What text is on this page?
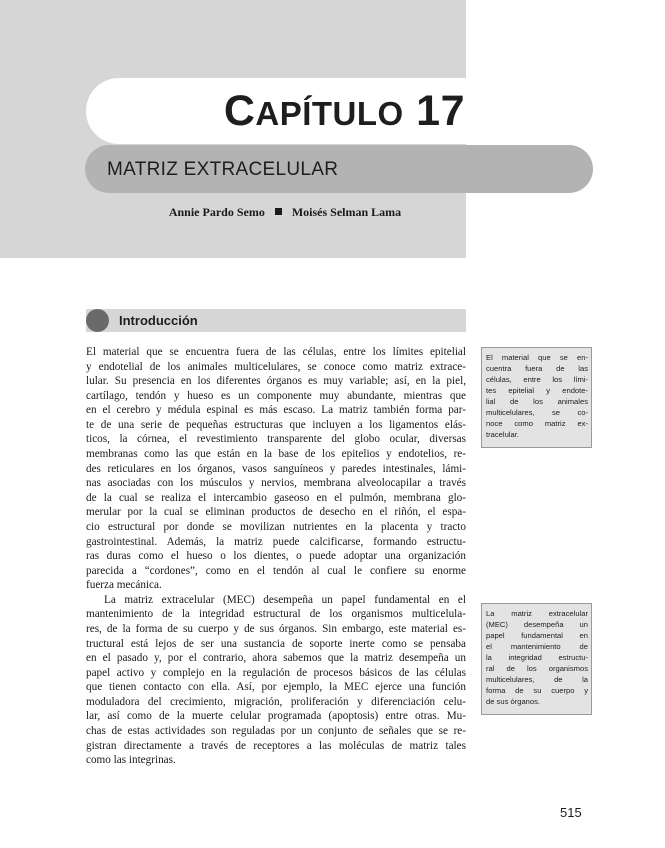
CAPÍTULO 17
MATRIZ EXTRACELULAR
Annie Pardo Semo Moisés Selman Lama
Introducción
El material que se encuentra fuera de las células, entre los límites epitelial
y endotelial de los animales multicelulares, se conoce como matriz extrace-
lular. Su presencia en los diferentes órganos es muy variable; así, en la piel,
cartílago, tendón y hueso es un componente muy abundante, mientras que
en el cerebro y médula espinal es más escaso. La matriz también forma par-
te de una serie de pequeñas estructuras que incluyen a los ligamentos elás-
ticos, la córnea, el revestimiento transparente del globo ocular, diversas
membranas como las que están en la base de los epitelios y endotelios, re-
des reticulares en los órganos, vasos sanguíneos y paredes intestinales, lámi-
nas asociadas con los músculos y nervios, membrana alveolocapilar a través
de la cual se realiza el intercambio gaseoso en el pulmón, membrana glo-
merular por la cual se eliminan productos de desecho en el riñón, el espa-
cio estructural por donde se movilizan nutrientes en la placenta y tracto
gastrointestinal. Además, la matriz puede calcificarse, formando estructu-
ras duras como el hueso o los dientes, o puede adoptar una organización
parecida a “cordones”, como en el tendón al cual le confiere su enorme
fuerza mecánica.
La matriz extracelular (MEC) desempeña un papel fundamental en el
mantenimiento de la integridad estructural de los organismos multicelula-
res, de la forma de su cuerpo y de sus órganos. Sin embargo, este material es-
tructural está lejos de ser una sustancia de soporte inerte como se pensaba
en el pasado y, por el contrario, ahora sabemos que la matriz desempeña un
papel activo y complejo en la regulación de procesos básicos de las células
que tienen contacto con ella. Así, por ejemplo, la MEC ejerce una función
moduladora del crecimiento, migración, proliferación y diferenciación celu-
lar, así como de la muerte celular programada (apoptosis) entre otras. Mu-
chas de estas actividades son reguladas por un conjunto de señales que se re-
gistran directamente a través de receptores a las moléculas de matriz tales
como las integrinas.
El material que se en-
cuentra fuera de las
células, entre los lími-
tes epitelial y endote-
lial de los animales
multicelulares, se co-
noce como matriz ex-
tracelular.
La matriz extracelular
(MEC) desempeña un
papel fundamental en
el mantenimiento de
la integridad estructu-
ral de los organismos
multicelulares, de la
forma de su cuerpo y
de sus órganos.
515
